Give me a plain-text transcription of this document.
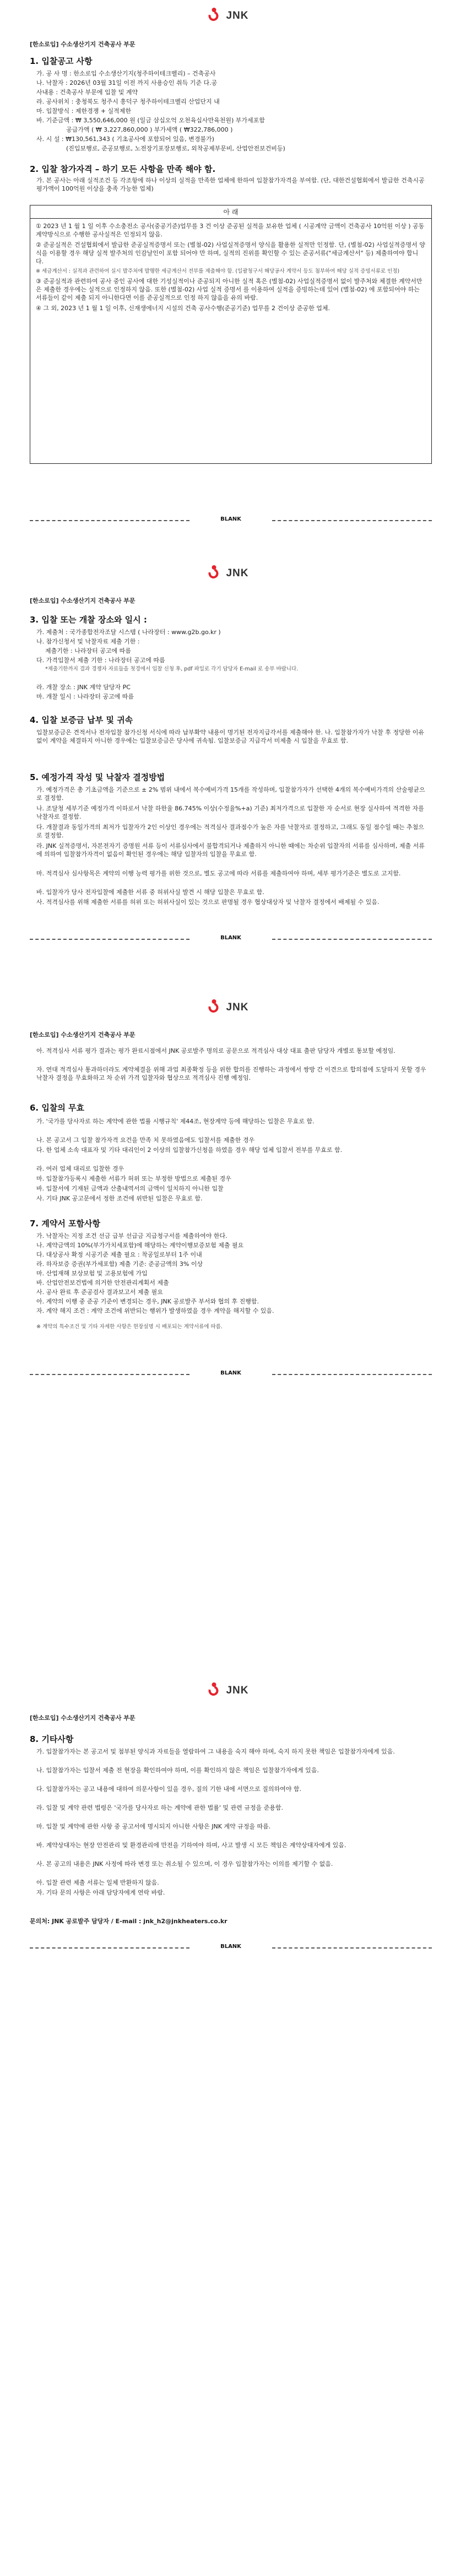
JNK
[한소로입] 수소생산기지 건축공사 부문
1. 입찰공고 사항
가. 공 사 명 : 한소로입 수소생산기지(청주하이테크벨리) – 건축공사
나. 낙찰자 : 2026년 03월 31일 이전 까지 사용승인 취득 기준 다.공
사내용 : 건축공사 부문에 입찰 및 계약
라. 공사위치 : 충청북도 청주시 흥덕구 청주하이테크벨리 산업단지 내
마. 입찰방식 : 제한경쟁 + 실적제한
바. 기준금액 : ₩ 3,550,646,000 원 (일금 삼십오억 오천육십사만육천원) 부가세포함
공급가액 ( ₩ 3,227,860,000 ) 부가세액 ( ₩322,786,000 )
사. 시 설 : ₩130,561,343 ( 기초공사에 포함되어 있음, 변경불가)
(진입보행로, 준공보행로, 노전장기포장보행로, 외착공제부문비, 산업안전보건비등)
2. 입찰 참가자격 – 하기 모든 사항을 만족 해야 함.
가. 본 공사는 아래 실적조건 등 각조항에 하나 이상의 실적을 만족한 업체에 한하여 입찰참가자격을 부여함. (단, 대한건설협회에서 발급한 건축시공평가액이 100억원 이상을 충족 가능한 업체)
아 래

① 2023 년 1 월 1 일 이후 수소충전소 공사(중공기준)업무를 3 건 이상 준공된 실적을 보유한 업체 ( 시공계약 금액이 건축공사 10억원 이상 ) 공동계약방식으로 수행한 공사실적은 인정되지 않음.

② 준공실적은 건설협회에서 발급한 준공실적증명서 또는 (별첨-02) 사업실적증명서 양식을 활용한 실적만 인정함. 단, (별첨-02) 사업실적증명서 양식을 이용할 경우 해당 실적 발주처의 인감날인이 포함 되어야 만 하며, 실적의 진위를 확인할 수 있는 준공서류("세금계산서" 등) 제출하여야 합니다.

※ 세금계산서 : 실적과 관련하여 실시 발주처에 발행한 세금계산서 전부를 제출해야 함. (일괄청구서 해당공사 계약서 등도 첨부하여 해당 실적 증빙서류로 인정)

③ 준공실적과 관련하여 공사 중인 공사에 대한 기성실적이나 준공되지 아니한 실적 혹은 (별첨-02) 사업실적증명서 없이 발주처와 체결한 계약서만은 제출한 경우에는 실적으로 인정하지 않음. 또한 (별첨-02) 사업 실적 증명서 를 이용하여 실적을 증빙하는데 있어 (별첨-02) 에 포함되어야 하는 서류들이 같이 제출 되지 아니한다면 이를 준공실적으로 인정 하지 않음을 유의 바람.

④ 그 외, 2023 년 1 월 1 일 이후, 신재생에너지 시설의 건축 공사수행(준공기준) 업무를 2 건이상 준공한 업체.

BLANK
JNK
[한소로입] 수소생산기지 건축공사 부문
3. 입찰 또는 개찰 장소와 일시 :
가. 제출처 : 국가종합전자조달 시스템 ( 나라장터 : www.g2b.go.kr )
나. 참가신청서 및 낙찰자료 제출 기한 :
제출기한 : 나라장터 공고에 따름
다. 가격입찰서 제출 기한 : 나라장터 공고에 따름
*제출기한까지 결과 경쟁자 자료들을 첫경에서 입찰 신청 후, pdf 파일로 각기 담당자 E-mail 로 송부 바랍니다.
라. 개찰 장소 : JNK 계약 담당자 PC
마. 개찰 일시 : 나라장터 공고에 따름
4. 입찰 보증금 납부 및 귀속
입찰보증금은 견적서나 전자입찰 참가신청 서식에 따라 납부확약 내용이 명기된 전자지급각서를 제출해야 한. 나. 입찰참가자가 낙찰 후 정당한 이유없이 계약을 체결하지 아니한 경우에는 입찰보증금은 당사에 귀속됨. 입찰보증금 지급각서 미제출 시 입찰을 무효로 함.
5. 예정가격 작성 및 낙찰자 결정방법
가. 예정가격은 총 기초금액을 기준으로 ± 2% 범위 내에서 복수예비가격 15개를 작성하며, 입찰참가자가 선택한 4개의 복수예비가격의 산술평균으로 결정함.
나. 조달청 세부기준 예정가격 이하로서 낙찰 하한율 86.745% 이상(수정율%+a) 기준) 최저가격으로 입찰한 자 순서로 현장 실사하여 적격한 자를 낙찰자로 결정함.
다. 개찰결과 동일가격의 최저가 입찰자가 2인 이상인 경우에는 적격심사 결과점수가 높은 자를 낙찰자로 결정하고, 그래도 동일 점수일 때는 추첨으로 결정함.
라. JNK 실적증명서, 자본전자기 증명원 서류 등이 서류심사에서 불합격되거나 제출하지 아니한 때에는 차순위 입찰자의 서류를 심사하며, 제출 서류에 의하여 입찰참가자격이 없음이 확인된 경우에는 해당 입찰자의 입찰을 무효로 함.
마. 적격심사 심사항목은 계약의 이행 능력 평가를 위한 것으로, 별도 공고에 따라 서류를 제출하여야 하며, 세부 평가기준은 별도로 고지함.
바. 입찰자가 당사 전자입찰에 제출한 서류 중 허위사실 발견 시 해당 입찰은 무효로 함.
사. 적격심사를 위해 제출한 서류를 허위 또는 허위사실이 있는 것으로 판명될 경우 협상대상자 및 낙찰자 결정에서 배제될 수 있음.
BLANK
JNK
[한소로입] 수소생산기지 건축공사 부문
아. 적격심사 서류 평가 결과는 평가 완료시점에서 JNK 공로발주 명의로 공문으로 적격심사 대상 대표 출판 담당자 개별로 통보할 예정임.
자. 연대 적격심사 통과하더라도 계약체결을 위해 과업 최종확정 등을 위한 합의를 진행하는 과정에서 쌍방 간 이견으로 합의점에 도달하지 못할 경우 낙찰자 결정을 무효화하고 차 순위 가격 입찰자와 협상으로 적격심사 진행 예정임.
6. 입찰의 무효
가. '국가를 당사자로 하는 계약에 관한 법률 시행규칙' 제44조, 현장계약 등에 해당하는 입찰은 무효로 함.
나. 본 공고서 그 입찰 참가자격 요건을 만족 치 못하였음에도 입찰서를 제출한 경우
다. 한 업체 소속 대표자 및 기타 대리인이 2 이상의 입찰참가신청을 하였을 경우 해당 업체 입찰서 전부를 무효로 함.
라. 여러 업체 대리로 입찰한 경우
마. 입찰참가등록시 제출한 서류가 허위 또는 부정한 방법으로 제출된 경우
바. 입찰서에 기재된 금액과 산출내역서의 금액이 일치하지 아니한 입찰
사. 기타 JNK 공고문에서 정한 조건에 위반된 입찰은 무효로 함.
7. 계약서 포함사항
가. 낙찰자는 지정 조건 선금 급부 선급금 지급청구서를 제출하여야 한다.
나. 계약금액의 10%(부가가치세포함)에 해당하는 계약이행보증보험 제출 필요
다. 대상공사 확정 시공기준 제출 필요 : 착공일로부터 1주 이내
라. 하자보증 증권(부가세포함) 제출 기준: 준공금액의 3% 이상
마. 산업재해 보상보험 및 고용보험에 가입
바. 산업안전보건법에 의거한 안전관리계획서 제출
사. 공사 완료 후 준공검사 결과보고서 제출 필요
아. 계약의 이행 중 준공 기준이 변경되는 경우, JNK 공로발주 부서와 협의 후 진행함.
자. 계약 해지 조건 : 계약 조건에 위반되는 행위가 발생하였을 경우 계약을 해지할 수 있음.
※ 계약의 특수조건 및 기타 자세한 사항은 현장설명 시 배포되는 계약서류에 따름.
BLANK
JNK
[한소로입] 수소생산기지 건축공사 부문
8. 기타사항
가. 입찰참가자는 본 공고서 및 첨부된 양식과 자료들을 열람하여 그 내용을 숙지 해야 하며, 숙지 하지 못한 책임은 입찰참가자에게 있음.
나. 입찰참가자는 입찰서 제출 전 현장을 확인하여야 하며, 이를 확인하지 않은 책임은 입찰참가자에게 있음.
다. 입찰참가자는 공고 내용에 대하여 의문사항이 있을 경우, 질의 기한 내에 서면으로 질의하여야 함.
라. 입찰 및 계약 관련 법령은 '국가를 당사자로 하는 계약에 관한 법률' 및 관련 규정을 준용함.
마. 입찰 및 계약에 관한 사항 중 공고서에 명시되지 아니한 사항은 JNK 계약 규정을 따름.
바. 계약상대자는 현장 안전관리 및 환경관리에 만전을 기하여야 하며, 사고 발생 시 모든 책임은 계약상대자에게 있음.
사. 본 공고의 내용은 JNK 사정에 따라 변경 또는 취소될 수 있으며, 이 경우 입찰참가자는 이의를 제기할 수 없음.
아. 입찰 관련 제출 서류는 일체 반환하지 않음.
자. 기타 문의 사항은 아래 담당자에게 연락 바람.
문의처: JNK 공로발주 담당자 / E-mail : jnk_h2@jnkheaters.co.kr
BLANK
